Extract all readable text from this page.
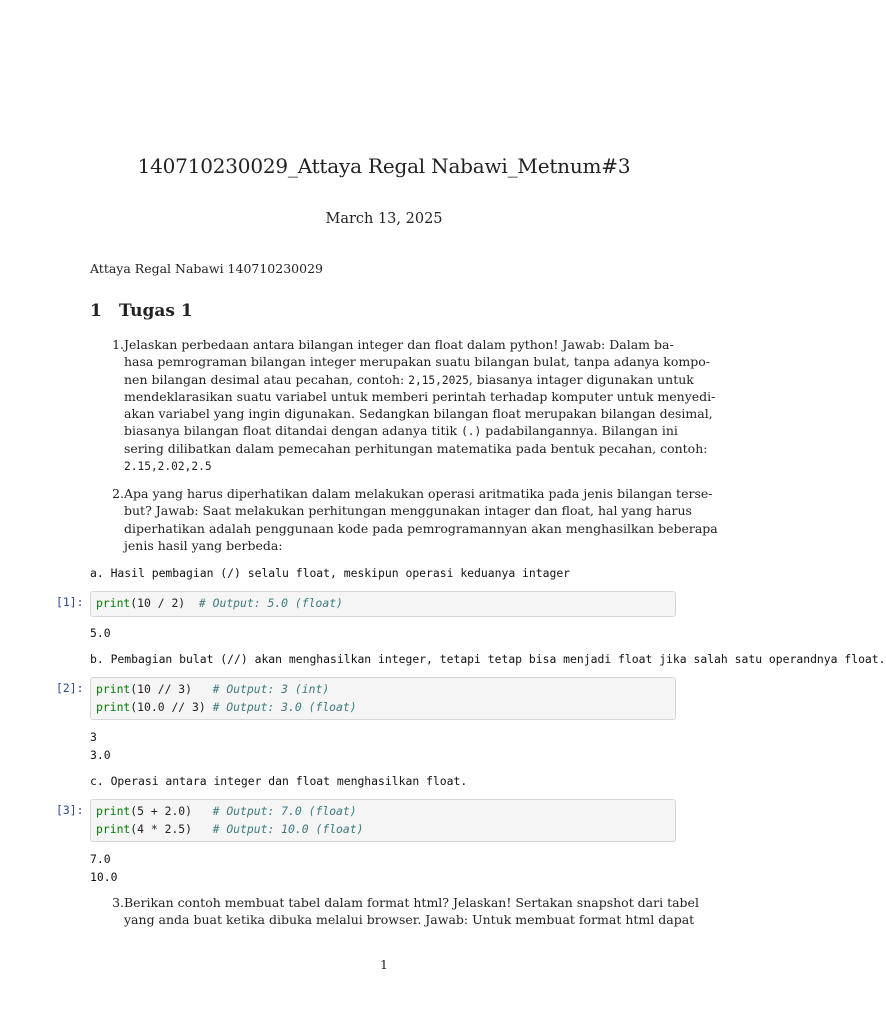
140710230029_Attaya Regal Nabawi_Metnum#3
March 13, 2025
Attaya Regal Nabawi 140710230029
1 Tugas 1
1. Jelaskan perbedaan antara bilangan integer dan float dalam python! Jawab: Dalam ba-
hasa pemrograman bilangan integer merupakan suatu bilangan bulat, tanpa adanya kompo-
nen bilangan desimal atau pecahan, contoh: 2,15,2025, biasanya intager digunakan untuk
mendeklarasikan suatu variabel untuk memberi perintah terhadap komputer untuk menyedi-
akan variabel yang ingin digunakan. Sedangkan bilangan float merupakan bilangan desimal,
biasanya bilangan float ditandai dengan adanya titik (.) padabilangannya. Bilangan ini
sering dilibatkan dalam pemecahan perhitungan matematika pada bentuk pecahan, contoh:
2.15,2.02,2.5
2. Apa yang harus diperhatikan dalam melakukan operasi aritmatika pada jenis bilangan terse-
but? Jawab: Saat melakukan perhitungan menggunakan intager dan float, hal yang harus
diperhatikan adalah penggunaan kode pada pemrogramannyan akan menghasilkan beberapa
jenis hasil yang berbeda:
a. Hasil pembagian (/) selalu float, meskipun operasi keduanya intager
[1]:	print(10 / 2) # Output: 5.0 (float)
5.0
b. Pembagian bulat (//) akan menghasilkan integer, tetapi tetap bisa menjadi float jika salah satu operandnya float.
[2]:	print(10 // 3) # Output: 3 (int)
print(10.0 // 3) # Output: 3.0 (float)
3
3.0
c. Operasi antara integer dan float menghasilkan float.
[3]:	print(5 + 2.0) # Output: 7.0 (float)
print(4 * 2.5) # Output: 10.0 (float)
7.0
10.0
3. Berikan contoh membuat tabel dalam format html? Jelaskan! Sertakan snapshot dari tabel
yang anda buat ketika dibuka melalui browser. Jawab: Untuk membuat format html dapat
1
